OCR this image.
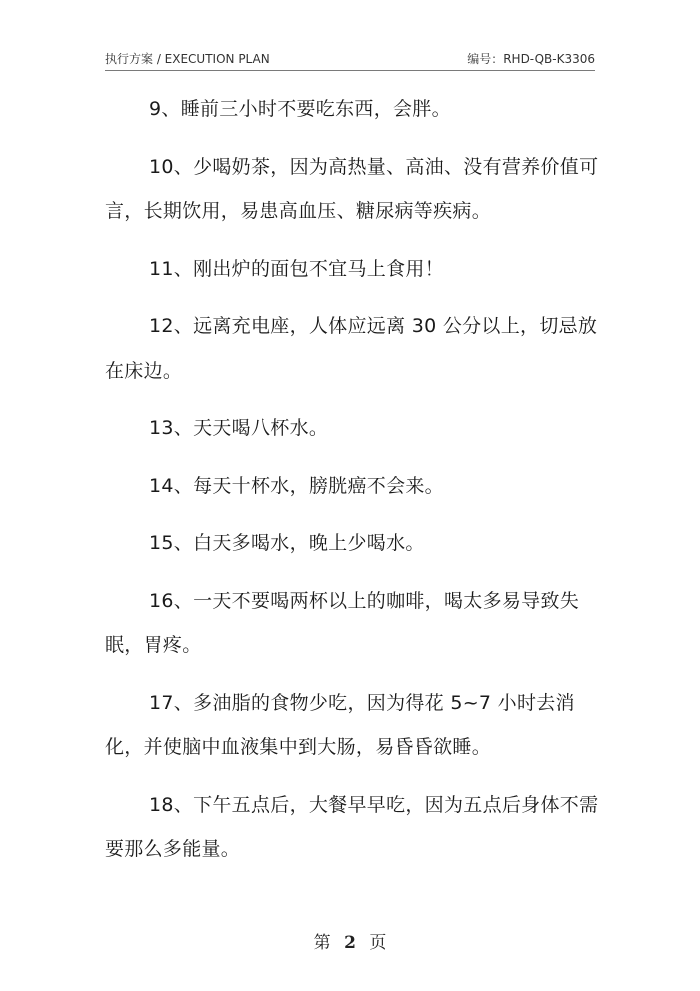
执行方案 / EXECUTION PLAN	编号：RHD-QB-K3306

9、睡前三小时不要吃东西，会胖。

10、少喝奶茶，因为高热量、高油、没有营养价值可言，长期饮用，易患高血压、糖尿病等疾病。

11、刚出炉的面包不宜马上食用！

12、远离充电座，人体应远离 30 公分以上，切忌放在床边。

13、天天喝八杯水。

14、每天十杯水，膀胱癌不会来。

15、白天多喝水，晚上少喝水。

16、一天不要喝两杯以上的咖啡，喝太多易导致失眠，胃疼。

17、多油脂的食物少吃，因为得花 5~7 小时去消化，并使脑中血液集中到大肠，易昏昏欲睡。

18、下午五点后，大餐早早吃，因为五点后身体不需要那么多能量。

第 2 页
